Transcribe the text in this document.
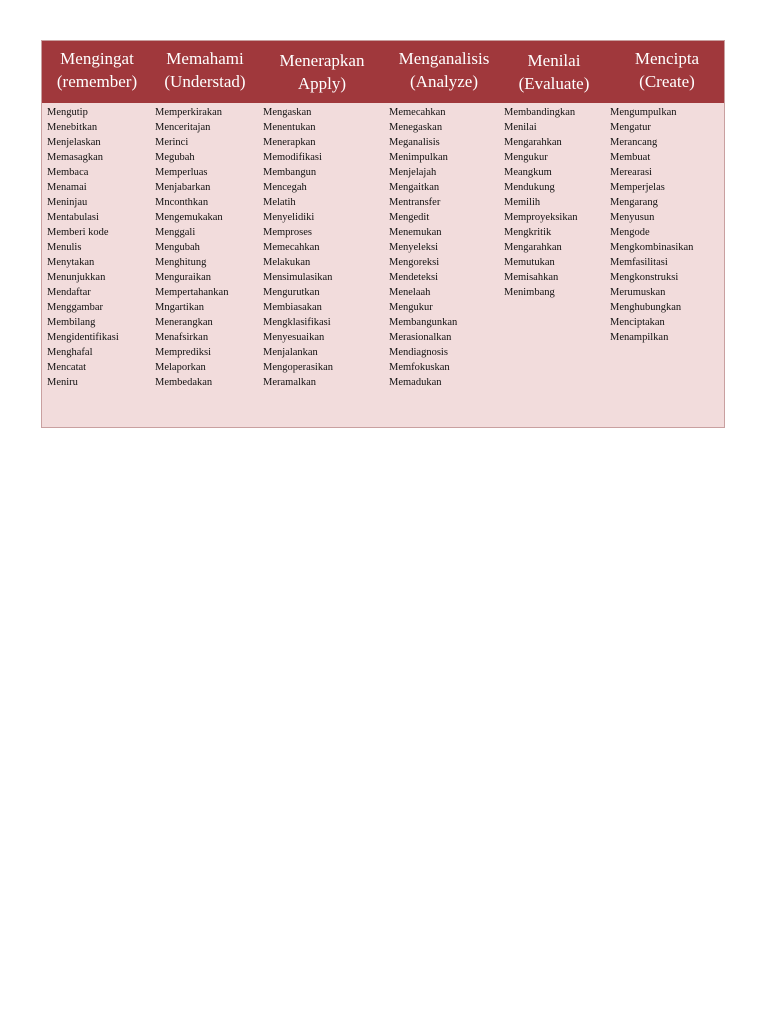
Mengingat
(remember)
Memahami
(Understad)
Menerapkan
Apply)
Menganalisis
(Analyze)
Menilai
(Evaluate)
Mencipta
(Create)
Mengutip
Menebitkan
Menjelaskan
Memasagkan
Membaca
Menamai
Meninjau
Mentabulasi
Memberi kode
Menulis
Menytakan
Menunjukkan
Mendaftar
Menggambar
Membilang
Mengidentifikasi
Menghafal
Mencatat
Meniru
Memperkirakan
Menceritajan
Merinci
Megubah
Memperluas
Menjabarkan
Mnconthkan
Mengemukakan
Menggali
Mengubah
Menghitung
Menguraikan
Mempertahankan
Mngartikan
Menerangkan
Menafsirkan
Memprediksi
Melaporkan
Membedakan
Mengaskan
Menentukan
Menerapkan
Memodifikasi
Membangun
Mencegah
Melatih
Menyelidiki
Memproses
Memecahkan
Melakukan
Mensimulasikan
Mengurutkan
Membiasakan
Mengklasifikasi
Menyesuaikan
Menjalankan
Mengoperasikan
Meramalkan
Memecahkan
Menegaskan
Meganalisis
Menimpulkan
Menjelajah
Mengaitkan
Mentransfer
Mengedit
Menemukan
Menyeleksi
Mengoreksi
Mendeteksi
Menelaah
Mengukur
Membangunkan
Merasionalkan
Mendiagnosis
Memfokuskan
Memadukan
Membandingkan
Menilai
Mengarahkan
Mengukur
Meangkum
Mendukung
Memilih
Memproyeksikan
Mengkritik
Mengarahkan
Memutukan
Memisahkan
Menimbang
Mengumpulkan
Mengatur
Merancang
Membuat
Merearasi
Memperjelas
Mengarang
Menyusun
Mengode
Mengkombinasikan
Memfasilitasi
Mengkonstruksi
Merumuskan
Menghubungkan
Menciptakan
Menampilkan
